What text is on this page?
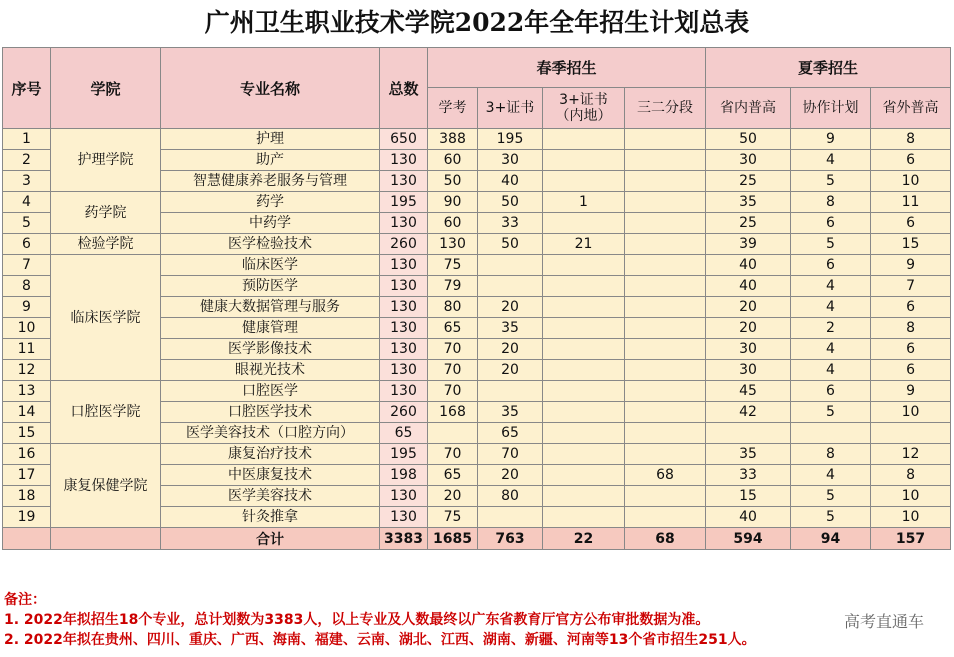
广州卫生职业技术学院2022年全年招生计划总表
序号	学院	专业名称	总数	春季招生				夏季招生		
				学考	3+证书	3+证书
（内地）	三二分段	省内普高	协作计划	省外普高
1	护理学院	护理	650	388	195			50	9	8
2		助产	130	60	30			30	4	6
3		智慧健康养老服务与管理	130	50	40			25	5	10
4	药学院	药学	195	90	50	1		35	8	11
5		中药学	130	60	33			25	6	6
6	检验学院	医学检验技术	260	130	50	21		39	5	15
7	临床医学院	临床医学	130	75				40	6	9
8		预防医学	130	79				40	4	7
9		健康大数据管理与服务	130	80	20			20	4	6
10		健康管理	130	65	35			20	2	8
11		医学影像技术	130	70	20			30	4	6
12		眼视光技术	130	70	20			30	4	6
13	口腔医学院	口腔医学	130	70				45	6	9
14		口腔医学技术	260	168	35			42	5	10
15		医学美容技术（口腔方向）	65		65					
16	康复保健学院	康复治疗技术	195	70	70			35	8	12
17		中医康复技术	198	65	20		68	33	4	8
18		医学美容技术	130	20	80			15	5	10
19		针灸推拿	130	75				40	5	10
		合计	3383	1685	763	22	68	594	94	157
备注：
1. 2022年拟招生18个专业，总计划数为3383人，以上专业及人数最终以广东省教育厅官方公布审批数据为准。
2. 2022年拟在贵州、四川、重庆、广西、海南、福建、云南、湖北、江西、湖南、新疆、河南等13个省市招生251人。
高考直通车
